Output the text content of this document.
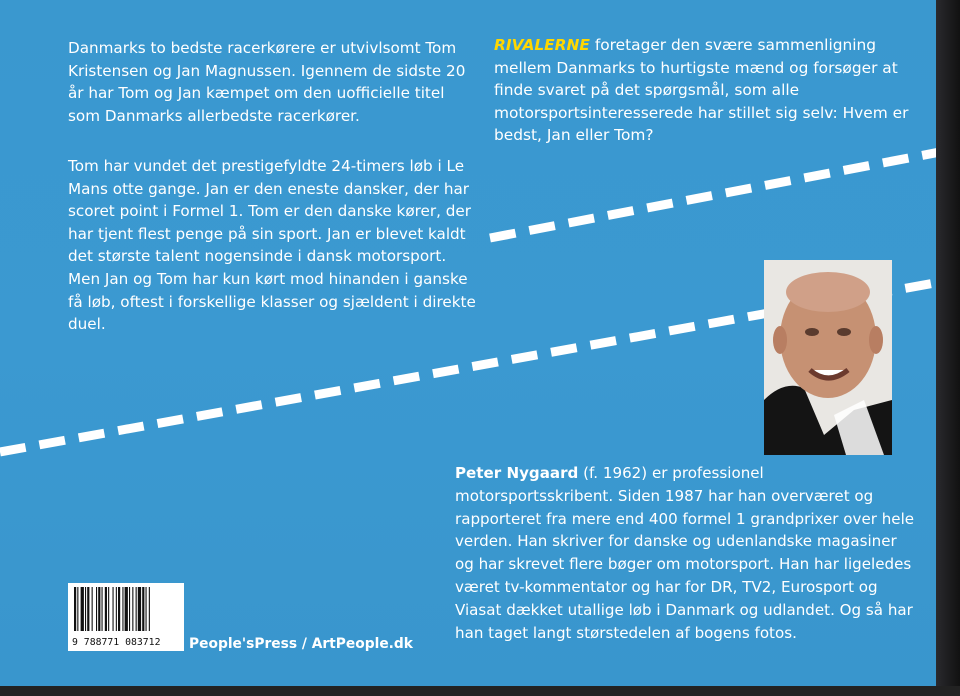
Danmarks to bedste racerkørere er utvivlsomt Tom Kristensen og Jan Magnussen. Igennem de sidste 20 år har Tom og Jan kæmpet om den uofficielle titel som Danmarks allerbedste racerkører.

Tom har vundet det prestigefyldte 24-timers løb i Le Mans otte gange. Jan er den eneste dansker, der har scoret point i Formel 1. Tom er den danske kører, der har tjent flest penge på sin sport. Jan er blevet kaldt det største talent nogensinde i dansk motorsport. Men Jan og Tom har kun kørt mod hinanden i ganske få løb, oftest i forskellige klasser og sjældent i direkte duel.

RIVALERNE foretager den svære sammenligning mellem Danmarks to hurtigste mænd og forsøger at finde svaret på det spørgsmål, som alle motorsportsinteresserede har stillet sig selv: Hvem er bedst, Jan eller Tom?

Peter Nygaard (f. 1962) er professionel motorsportsskribent. Siden 1987 har han overværet og rapporteret fra mere end 400 formel 1 grandprixer over hele verden. Han skriver for danske og udenlandske magasiner og har skrevet flere bøger om motorsport. Han har ligeledes været tv-kommentator og har for DR, TV2, Eurosport og Viasat dækket utallige løb i Danmark og udlandet. Og så har han taget langt størstedelen af bogens fotos.

9 788771 083712 People'sPress / ArtPeople.dk
